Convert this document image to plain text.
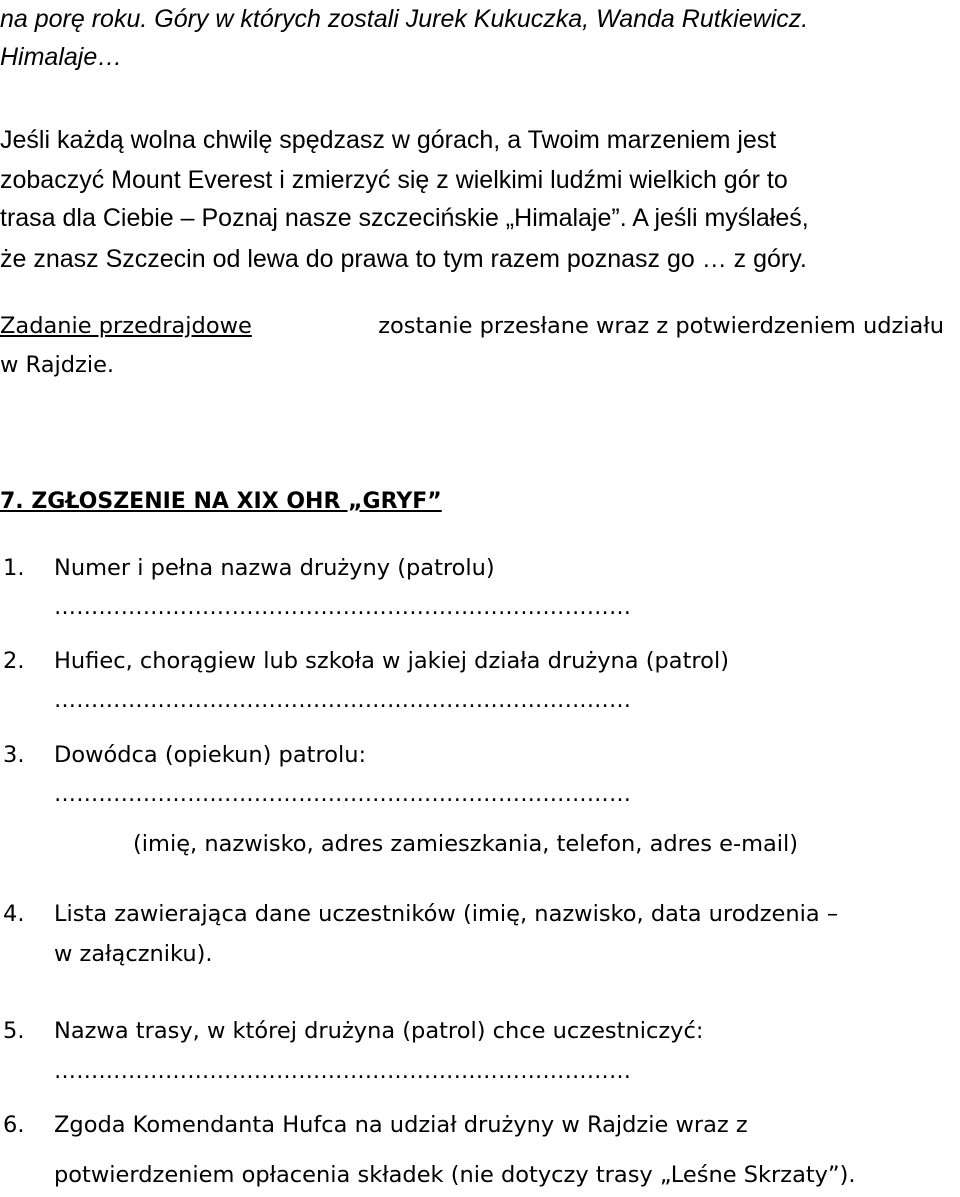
na porę roku. Góry w których zostali Jurek Kukuczka, Wanda Rutkiewicz.
Himalaje…
Jeśli każdą wolna chwilę spędzasz w górach, a Twoim marzeniem jest
zobaczyć Mount Everest i zmierzyć się z wielkimi ludźmi wielkich gór to
trasa dla Ciebie – Poznaj nasze szczecińskie „Himalaje”. A jeśli myślałeś,
że znasz Szczecin od lewa do prawa to tym razem poznasz go … z góry.
Zadanie przedrajdowe	zostanie przesłane wraz z potwierdzeniem udziału
w Rajdzie.
7. ZGŁOSZENIE NA XIX OHR „GRYF”
1. Numer i pełna nazwa drużyny (patrolu)
……………………………………………………………………
2. Hufiec, chorągiew lub szkoła w jakiej działa drużyna (patrol)
……………………………………………………………………
3. Dowódca (opiekun) patrolu:
……………………………………………………………………
(imię, nazwisko, adres zamieszkania, telefon, adres e-mail)
4. Lista zawierająca dane uczestników (imię, nazwisko, data urodzenia –
w załączniku).
5. Nazwa trasy, w której drużyna (patrol) chce uczestniczyć:
……………………………………………………………………
6. Zgoda Komendanta Hufca na udział drużyny w Rajdzie wraz z
potwierdzeniem opłacenia składek (nie dotyczy trasy „Leśne Skrzaty”).
